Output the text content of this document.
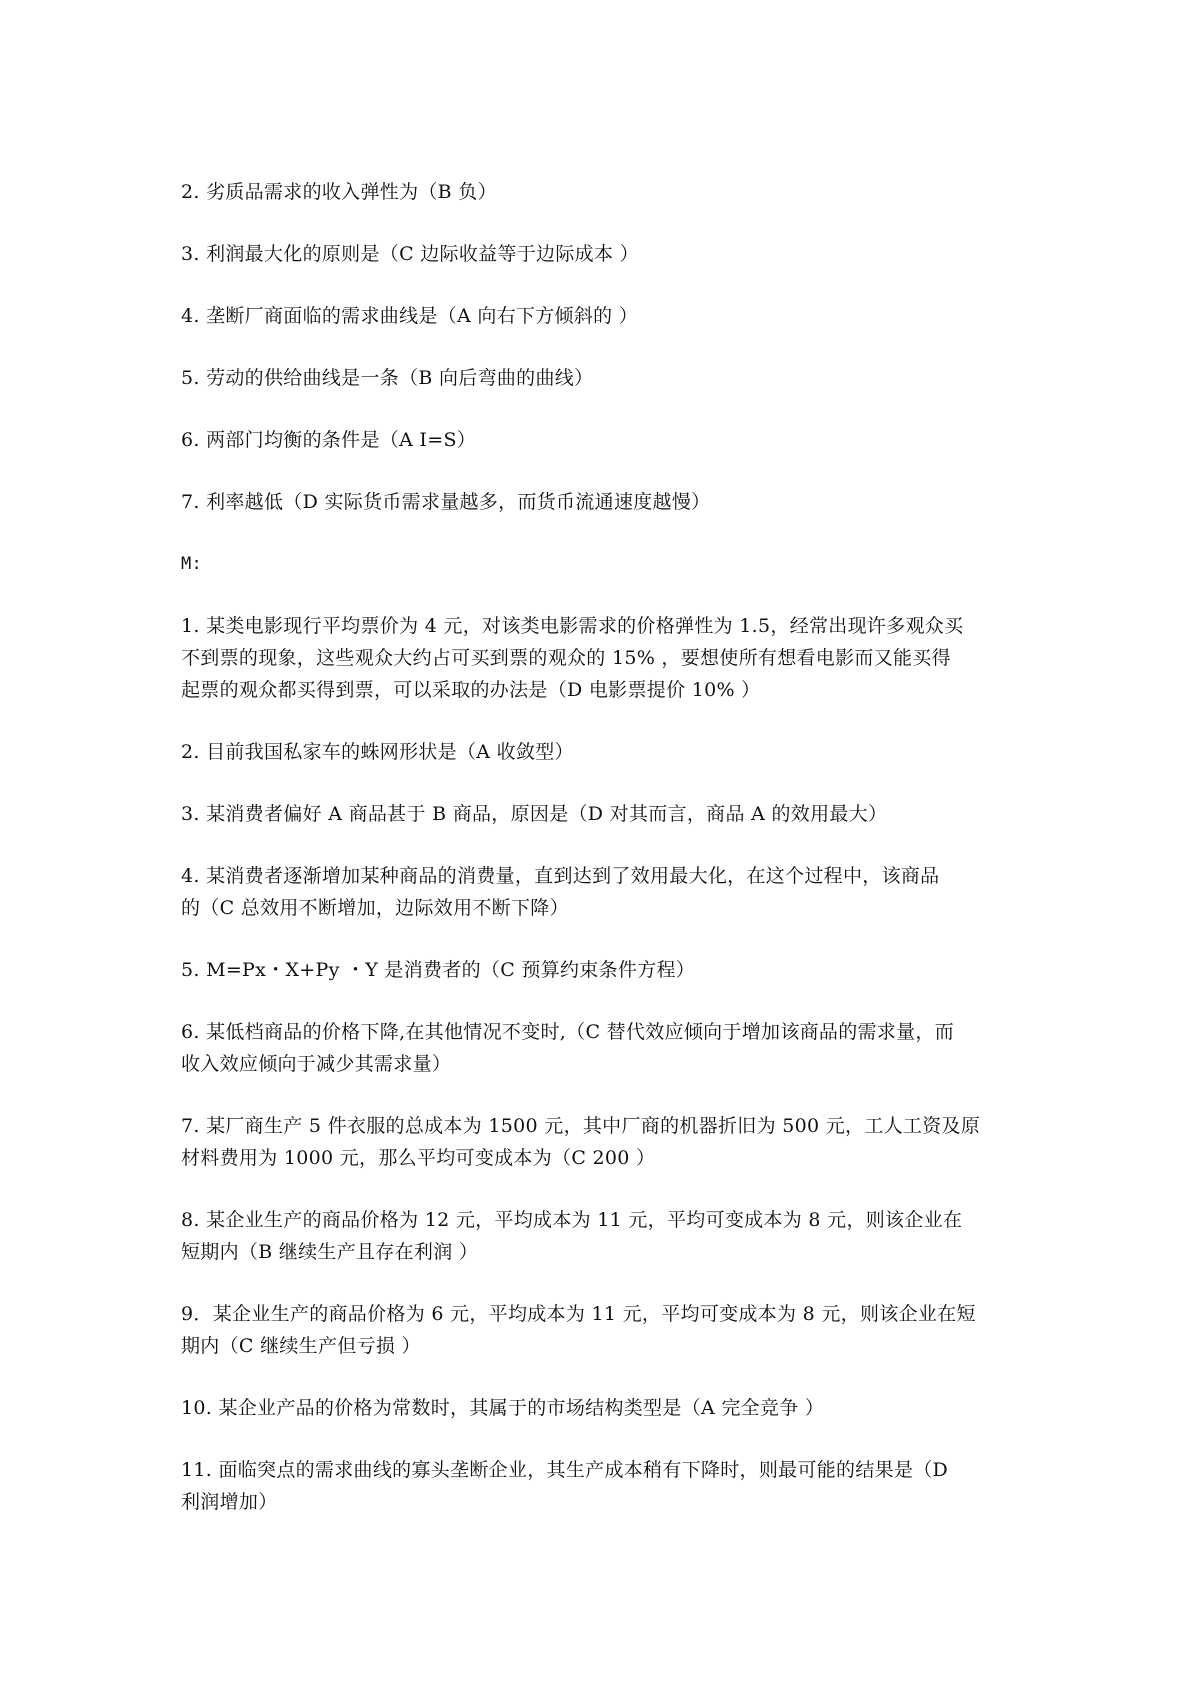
2. 劣质品需求的收入弹性为（B 负）

3. 利润最大化的原则是（C 边际收益等于边际成本 ）

4. 垄断厂商面临的需求曲线是（A 向右下方倾斜的 ）

5. 劳动的供给曲线是一条（B 向后弯曲的曲线）

6. 两部门均衡的条件是（A I=S）

7. 利率越低（D 实际货币需求量越多，而货币流通速度越慢）

M:

1. 某类电影现行平均票价为 4 元，对该类电影需求的价格弹性为 1.5，经常出现许多观众买
不到票的现象，这些观众大约占可买到票的观众的 15% ，要想使所有想看电影而又能买得
起票的观众都买得到票，可以采取的办法是（D 电影票提价 10% ）

2. 目前我国私家车的蛛网形状是（A 收敛型）

3. 某消费者偏好 A 商品甚于 B 商品，原因是（D 对其而言，商品 A 的效用最大）

4. 某消费者逐渐增加某种商品的消费量，直到达到了效用最大化，在这个过程中，该商品
的（C 总效用不断增加，边际效用不断下降）

5. M=Px・X+Py ・Y 是消费者的（C 预算约束条件方程）

6. 某低档商品的价格下降,在其他情况不变时,（C 替代效应倾向于增加该商品的需求量，而
收入效应倾向于减少其需求量）

7. 某厂商生产 5 件衣服的总成本为 1500 元，其中厂商的机器折旧为 500 元，工人工资及原
材料费用为 1000 元，那么平均可变成本为（C 200 ）

8. 某企业生产的商品价格为 12 元，平均成本为 11 元，平均可变成本为 8 元，则该企业在
短期内（B 继续生产且存在利润 ）

9．某企业生产的商品价格为 6 元，平均成本为 11 元，平均可变成本为 8 元，则该企业在短
期内（C 继续生产但亏损 ）

10. 某企业产品的价格为常数时，其属于的市场结构类型是（A 完全竞争 ）

11. 面临突点的需求曲线的寡头垄断企业，其生产成本稍有下降时，则最可能的结果是（D
利润增加）
